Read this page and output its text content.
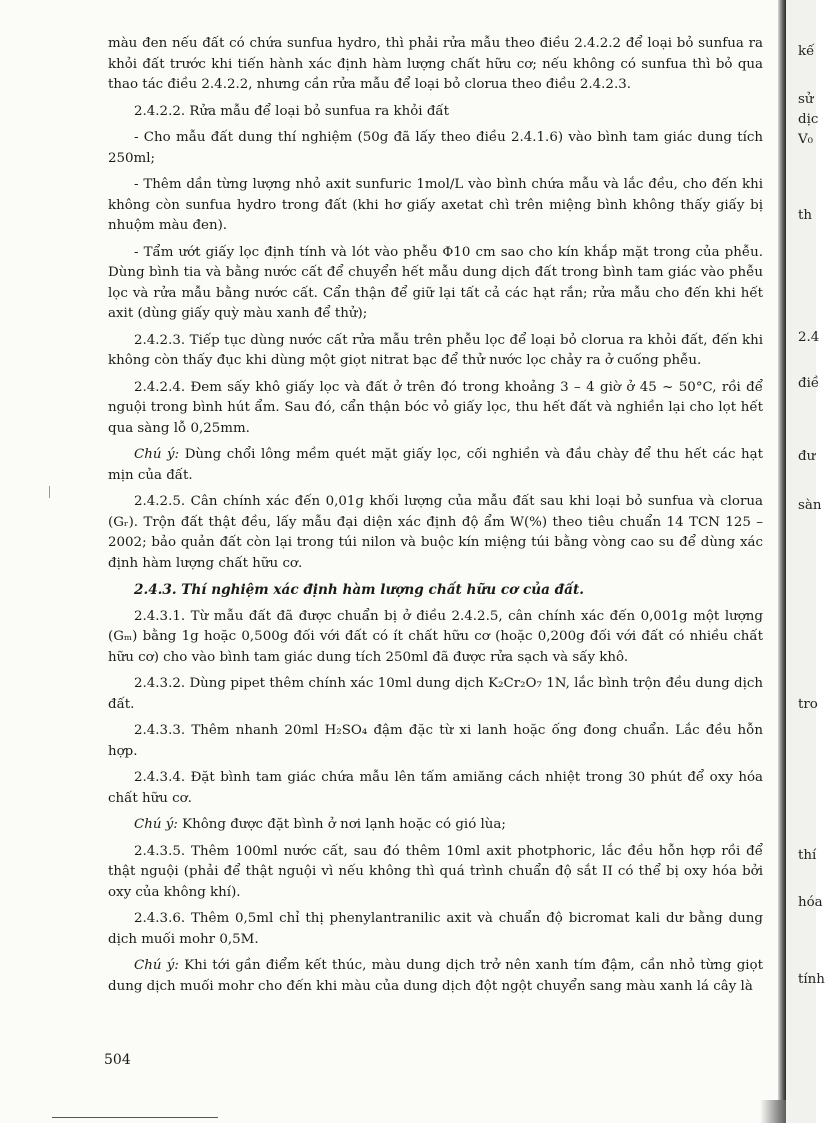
màu đen nếu đất có chứa sunfua hydro, thì phải rửa mẫu theo điều 2.4.2.2 để loại bỏ sunfua ra khỏi đất trước khi tiến hành xác định hàm lượng chất hữu cơ; nếu không có sunfua thì bỏ qua thao tác điều 2.4.2.2, nhưng cần rửa mẫu để loại bỏ clorua theo điều 2.4.2.3.

2.4.2.2. Rửa mẫu để loại bỏ sunfua ra khỏi đất

- Cho mẫu đất dung thí nghiệm (50g đã lấy theo điều 2.4.1.6) vào bình tam giác dung tích 250ml;

- Thêm dần từng lượng nhỏ axit sunfuric 1mol/L vào bình chứa mẫu và lắc đều, cho đến khi không còn sunfua hydro trong đất (khi hơ giấy axetat chì trên miệng bình không thấy giấy bị nhuộm màu đen).

- Tẩm ướt giấy lọc định tính và lót vào phễu Φ10 cm sao cho kín khắp mặt trong của phễu. Dùng bình tia và bằng nước cất để chuyển hết mẫu dung dịch đất trong bình tam giác vào phễu lọc và rửa mẫu bằng nước cất. Cẩn thận để giữ lại tất cả các hạt rắn; rửa mẫu cho đến khi hết axit (dùng giấy quỳ màu xanh để thử);

2.4.2.3. Tiếp tục dùng nước cất rửa mẫu trên phễu lọc để loại bỏ clorua ra khỏi đất, đến khi không còn thấy đục khi dùng một giọt nitrat bạc để thử nước lọc chảy ra ở cuống phễu.

2.4.2.4. Đem sấy khô giấy lọc và đất ở trên đó trong khoảng 3 – 4 giờ ở 45 ~ 50°C, rồi để nguội trong bình hút ẩm. Sau đó, cẩn thận bóc vỏ giấy lọc, thu hết đất và nghiền lại cho lọt hết qua sàng lỗ 0,25mm.

Chú ý: Dùng chổi lông mềm quét mặt giấy lọc, cối nghiền và đầu chày để thu hết các hạt mịn của đất.

2.4.2.5. Cân chính xác đến 0,01g khối lượng của mẫu đất sau khi loại bỏ sunfua và clorua (Gᵣ). Trộn đất thật đều, lấy mẫu đại diện xác định độ ẩm W(%) theo tiêu chuẩn 14 TCN 125 – 2002; bảo quản đất còn lại trong túi nilon và buộc kín miệng túi bằng vòng cao su để dùng xác định hàm lượng chất hữu cơ.

2.4.3. Thí nghiệm xác định hàm lượng chất hữu cơ của đất.

2.4.3.1. Từ mẫu đất đã được chuẩn bị ở điều 2.4.2.5, cân chính xác đến 0,001g một lượng (Gₘ) bằng 1g hoặc 0,500g đối với đất có ít chất hữu cơ (hoặc 0,200g đối với đất có nhiều chất hữu cơ) cho vào bình tam giác dung tích 250ml đã được rửa sạch và sấy khô.

2.4.3.2. Dùng pipet thêm chính xác 10ml dung dịch K₂Cr₂O₇ 1N, lắc bình trộn đều dung dịch đất.

2.4.3.3. Thêm nhanh 20ml H₂SO₄ đậm đặc từ xi lanh hoặc ống đong chuẩn. Lắc đều hỗn hợp.

2.4.3.4. Đặt bình tam giác chứa mẫu lên tấm amiăng cách nhiệt trong 30 phút để oxy hóa chất hữu cơ.

Chú ý: Không được đặt bình ở nơi lạnh hoặc có gió lùa;

2.4.3.5. Thêm 100ml nước cất, sau đó thêm 10ml axit photphoric, lắc đều hỗn hợp rồi để thật nguội (phải để thật nguội vì nếu không thì quá trình chuẩn độ sắt II có thể bị oxy hóa bởi oxy của không khí).

2.4.3.6. Thêm 0,5ml chỉ thị phenylantranilic axit và chuẩn độ bicromat kali dư bằng dung dịch muối mohr 0,5M.

Chú ý: Khi tới gần điểm kết thúc, màu dung dịch trở nên xanh tím đậm, cần nhỏ từng giọt dung dịch muối mohr cho đến khi màu của dung dịch đột ngột chuyển sang màu xanh lá cây là

504
kế
sử
dịc
V₀
th
2.4
điề
đư
sàn
tro
thí
hóa
tính
